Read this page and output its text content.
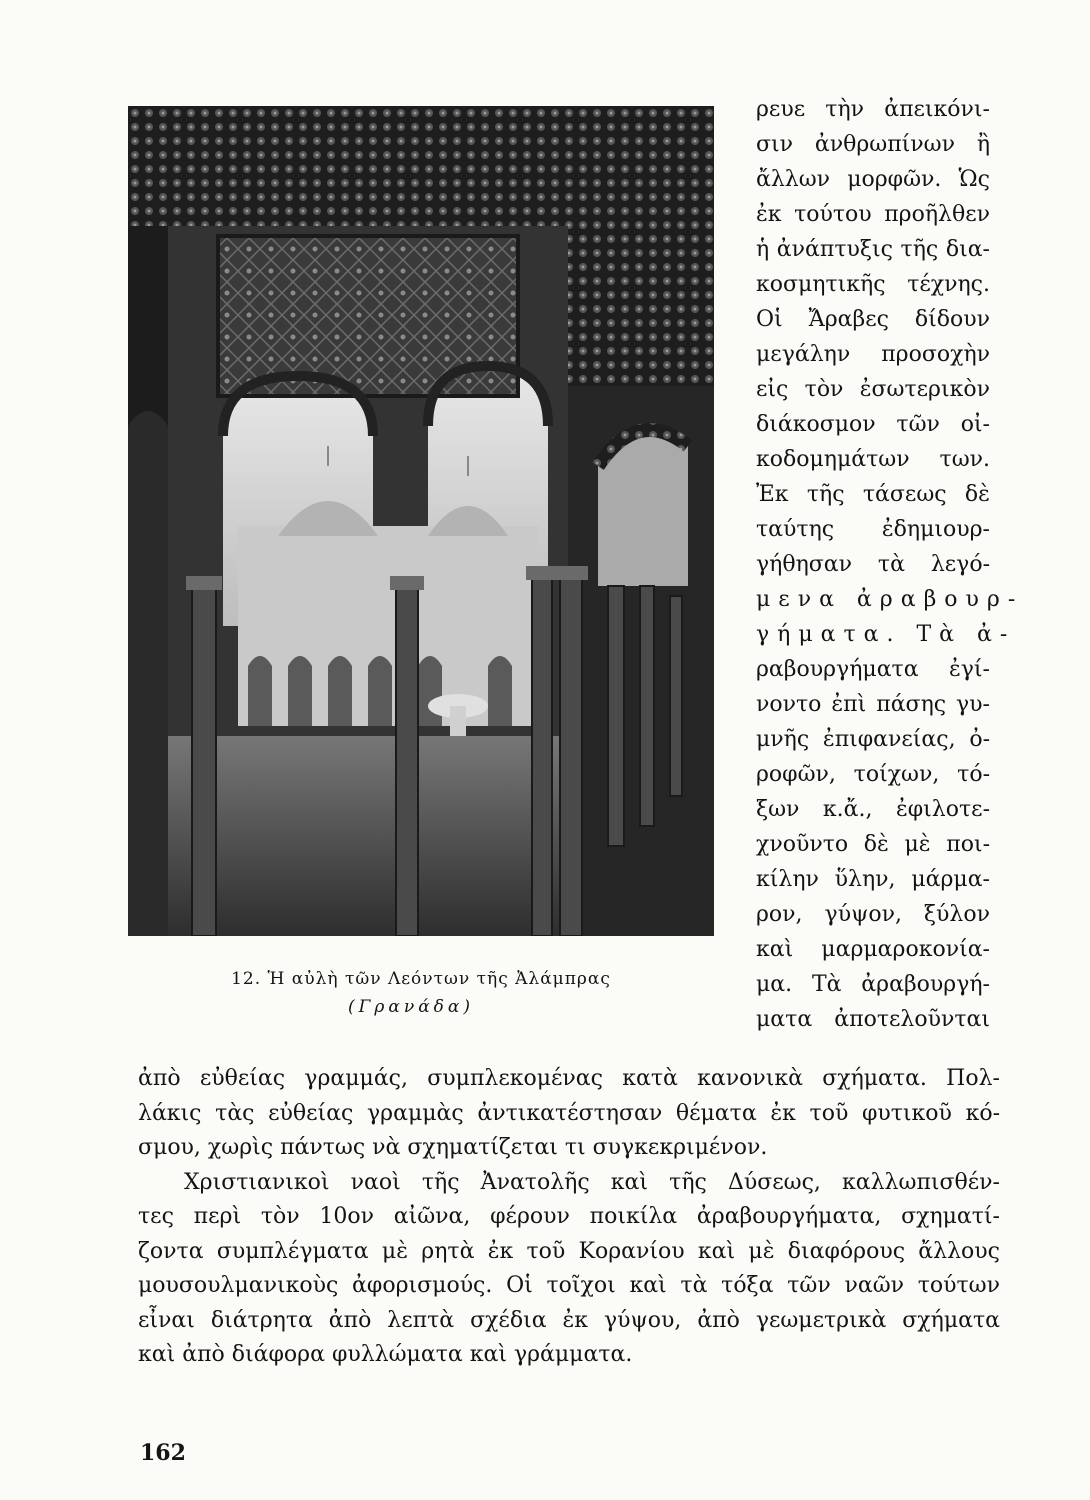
12. Ἡ αὐλὴ τῶν Λεόντων τῆς Ἀλάμπρας
(Γρανάδα)
ρευε τὴν ἀπεικόνι-
σιν ἀνθρωπίνων ἢ
ἄλλων μορφῶν. Ὡς
ἐκ τούτου προῆλθεν
ἡ ἀνάπτυξις τῆς δια-
κοσμητικῆς τέχνης.
Οἱ Ἄραβες δίδουν
μεγάλην προσοχὴν
εἰς τὸν ἐσωτερικὸν
διάκοσμον τῶν οἰ-
κοδομημάτων των.
Ἐκ τῆς τάσεως δὲ
ταύτης ἐδημιουρ-
γήθησαν τὰ λεγό-
μενα ἀραβουρ-
γήματα. Τὰ ἀ-
ραβουργήματα ἐγί-
νοντο ἐπὶ πάσης γυ-
μνῆς ἐπιφανείας, ὀ-
ροφῶν, τοίχων, τό-
ξων κ.ἄ., ἐφιλοτε-
χνοῦντο δὲ μὲ ποι-
κίλην ὕλην, μάρμα-
ρον, γύψον, ξύλον
καὶ μαρμαροκονία-
μα. Τὰ ἀραβουργή-
ματα ἀποτελοῦνται
ἀπὸ εὐθείας γραμμάς, συμπλεκομένας κατὰ κανονικὰ σχήματα. Πολ-
λάκις τὰς εὐθείας γραμμὰς ἀντικατέστησαν θέματα ἐκ τοῦ φυτικοῦ κό-
σμου, χωρὶς πάντως νὰ σχηματίζεται τι συγκεκριμένον.
Χριστιανικοὶ ναοὶ τῆς Ἀνατολῆς καὶ τῆς Δύσεως, καλλωπισθέν-
τες περὶ τὸν 10ον αἰῶνα, φέρουν ποικίλα ἀραβουργήματα, σχηματί-
ζοντα συμπλέγματα μὲ ρητὰ ἐκ τοῦ Κορανίου καὶ μὲ διαφόρους ἄλλους
μουσουλμανικοὺς ἀφορισμούς. Οἱ τοῖχοι καὶ τὰ τόξα τῶν ναῶν τούτων
εἶναι διάτρητα ἀπὸ λεπτὰ σχέδια ἐκ γύψου, ἀπὸ γεωμετρικὰ σχήματα
καὶ ἀπὸ διάφορα φυλλώματα καὶ γράμματα.
162
